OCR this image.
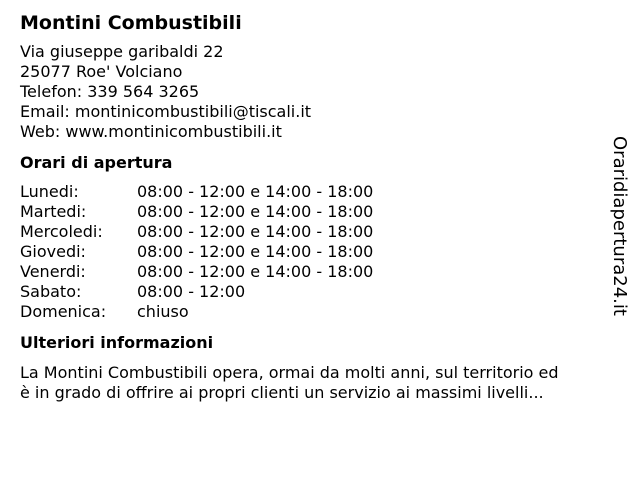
Montini Combustibili
Via giuseppe garibaldi 22
25077 Roe' Volciano
Telefon: 339 564 3265
Email: montinicombustibili@tiscali.it
Web: www.montinicombustibili.it
Orari di apertura
Lunedi:	08:00 - 12:00 e 14:00 - 18:00
Martedi:	08:00 - 12:00 e 14:00 - 18:00
Mercoledi:	08:00 - 12:00 e 14:00 - 18:00
Giovedi:	08:00 - 12:00 e 14:00 - 18:00
Venerdi:	08:00 - 12:00 e 14:00 - 18:00
Sabato:	08:00 - 12:00
Domenica:	chiuso
Ulteriori informazioni
La Montini Combustibili opera, ormai da molti anni, sul territorio ed
è in grado di offrire ai propri clienti un servizio ai massimi livelli...
Oraridiapertura24.it
